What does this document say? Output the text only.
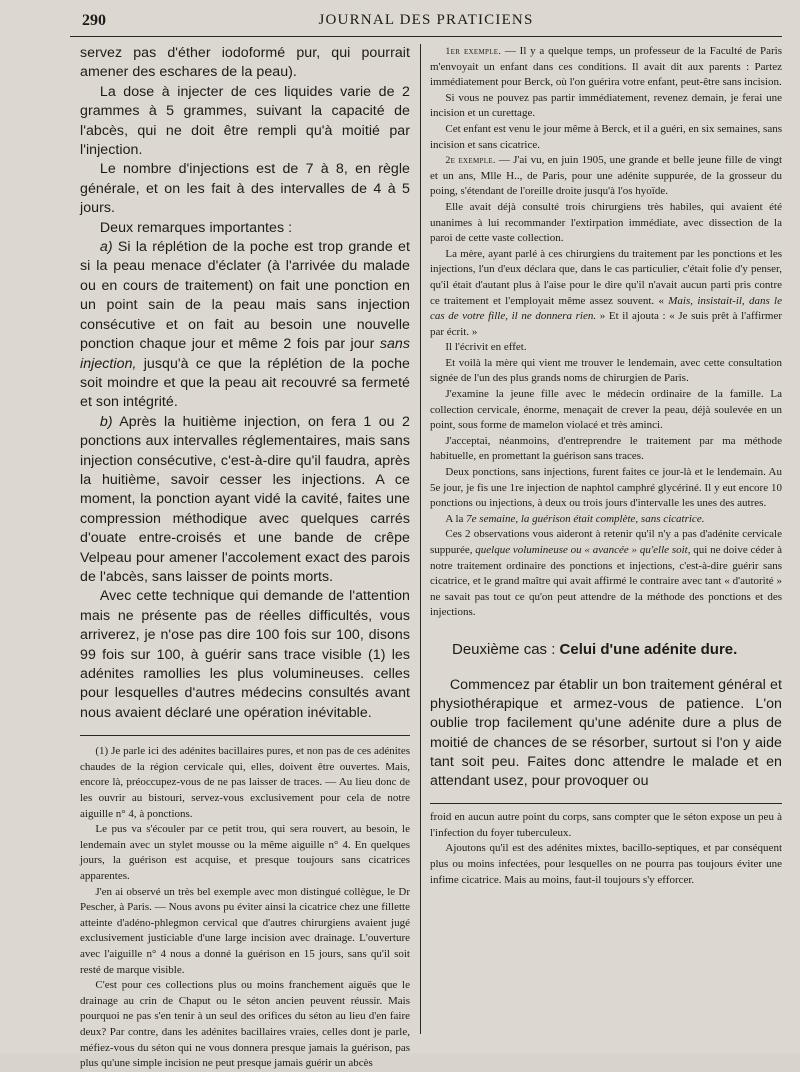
290	JOURNAL DES PRATICIENS

servez pas d'éther iodoformé pur, qui pourrait amener des eschares de la peau).

La dose à injecter de ces liquides varie de 2 grammes à 5 grammes, suivant la capacité de l'abcès, qui ne doit être rempli qu'à moitié par l'injection.

Le nombre d'injections est de 7 à 8, en règle générale, et on les fait à des intervalles de 4 à 5 jours.

Deux remarques importantes :

a) Si la réplétion de la poche est trop grande et si la peau menace d'éclater (à l'arrivée du malade ou en cours de traitement) on fait une ponction en un point sain de la peau mais sans injection consécutive et on fait au besoin une nouvelle ponction chaque jour et même 2 fois par jour sans injection, jusqu'à ce que la réplétion de la poche soit moindre et que la peau ait recouvré sa fermeté et son intégrité.

b) Après la huitième injection, on fera 1 ou 2 ponctions aux intervalles réglementaires, mais sans injection consécutive, c'est-à-dire qu'il faudra, après la huitième, savoir cesser les injections. A ce moment, la ponction ayant vidé la cavité, faites une compression méthodique avec quelques carrés d'ouate entre-croisés et une bande de crêpe Velpeau pour amener l'accolement exact des parois de l'abcès, sans laisser de points morts.

Avec cette technique qui demande de l'attention mais ne présente pas de réelles difficultés, vous arriverez, je n'ose pas dire 100 fois sur 100, disons 99 fois sur 100, à guérir sans trace visible (1) les adénites ramollies les plus volumineuses. celles pour lesquelles d'autres médecins consultés avant nous avaient déclaré une opération inévitable.

(1) Je parle ici des adénites bacillaires pures, et non pas de ces adénites chaudes de la région cervicale qui, elles, doivent être ouvertes. Mais, encore là, préoccupez-vous de ne pas laisser de traces. — Au lieu donc de les ouvrir au bistouri, servez-vous exclusivement pour cela de notre aiguille n° 4, à ponctions.

Le pus va s'écouler par ce petit trou, qui sera rouvert, au besoin, le lendemain avec un stylet mousse ou la même aiguille n° 4. En quelques jours, la guérison est acquise, et presque toujours sans cicatrices apparentes.

J'en ai observé un très bel exemple avec mon distingué collègue, le Dr Pescher, à Paris. — Nous avons pu éviter ainsi la cicatrice chez une fillette atteinte d'adéno-phlegmon cervical que d'autres chirurgiens avaient jugé exclusivement justiciable d'une large incision avec drainage. L'ouverture avec l'aiguille n° 4 nous a donné la guérison en 15 jours, sans qu'il soit resté de marque visible.

C'est pour ces collections plus ou moins franchement aiguës que le drainage au crin de Chaput ou le séton ancien peuvent réussir. Mais pourquoi ne pas s'en tenir à un seul des orifices du séton au lieu d'en faire deux? Par contre, dans les adénites bacillaires vraies, celles dont je parle, méfiez-vous du séton qui ne vous donnera presque jamais la guérison, pas plus qu'une simple incision ne peut presque jamais guérir un abcès

1er exemple. — Il y a quelque temps, un professeur de la Faculté de Paris m'envoyait un enfant dans ces conditions. Il avait dit aux parents : Partez immédiatement pour Berck, où l'on guérira votre enfant, peut-être sans incision.

Si vous ne pouvez pas partir immédiatement, revenez demain, je ferai une incision et un curettage.

Cet enfant est venu le jour même à Berck, et il a guéri, en six semaines, sans incision et sans cicatrice.

2e exemple. — J'ai vu, en juin 1905, une grande et belle jeune fille de vingt et un ans, Mlle H.., de Paris, pour une adénite suppurée, de la grosseur du poing, s'étendant de l'oreille droite jusqu'à l'os hyoïde.

Elle avait déjà consulté trois chirurgiens très habiles, qui avaient été unanimes à lui recommander l'extirpation immédiate, avec dissection de la paroi de cette vaste collection.

La mère, ayant parlé à ces chirurgiens du traitement par les ponctions et les injections, l'un d'eux déclara que, dans le cas particulier, c'était folie d'y penser, qu'il était d'autant plus à l'aise pour le dire qu'il n'avait aucun parti pris contre ce traitement et l'employait même assez souvent. « Mais, insistait-il, dans le cas de votre fille, il ne donnera rien. » Et il ajouta : « Je suis prêt à l'affirmer par écrit. »

Il l'écrivit en effet.

Et voilà la mère qui vient me trouver le lendemain, avec cette consultation signée de l'un des plus grands noms de chirurgien de Paris.

J'examine la jeune fille avec le médecin ordinaire de la famille. La collection cervicale, énorme, menaçait de crever la peau, déjà soulevée en un point, sous forme de mamelon violacé et très aminci.

J'acceptai, néanmoins, d'entreprendre le traitement par ma méthode habituelle, en promettant la guérison sans traces.

Deux ponctions, sans injections, furent faites ce jour-là et le lendemain. Au 5e jour, je fis une 1re injection de naphtol camphré glycériné. Il y eut encore 10 ponctions ou injections, à deux ou trois jours d'intervalle les unes des autres.

A la 7e semaine, la guérison était complète, sans cicatrice.

Ces 2 observations vous aideront à retenir qu'il n'y a pas d'adénite cervicale suppurée, quelque volumineuse ou « avancée » qu'elle soit, qui ne doive céder à notre traitement ordinaire des ponctions et injections, c'est-à-dire guérir sans cicatrice, et le grand maître qui avait affirmé le contraire avec tant « d'autorité » ne savait pas tout ce qu'on peut attendre de la méthode des ponctions et des injections.

Deuxième cas : Celui d'une adénite dure.

Commencez par établir un bon traitement général et physiothérapique et armez-vous de patience. L'on oublie trop facilement qu'une adénite dure a plus de moitié de chances de se résorber, surtout si l'on y aide tant soit peu. Faites donc attendre le malade et en attendant usez, pour provoquer ou

froid en aucun autre point du corps, sans compter que le séton expose un peu à l'infection du foyer tuberculeux.

Ajoutons qu'il est des adénites mixtes, bacillo-septiques, et par conséquent plus ou moins infectées, pour lesquelles on ne pourra pas toujours éviter une infime cicatrice. Mais au moins, faut-il toujours s'y efforcer.
